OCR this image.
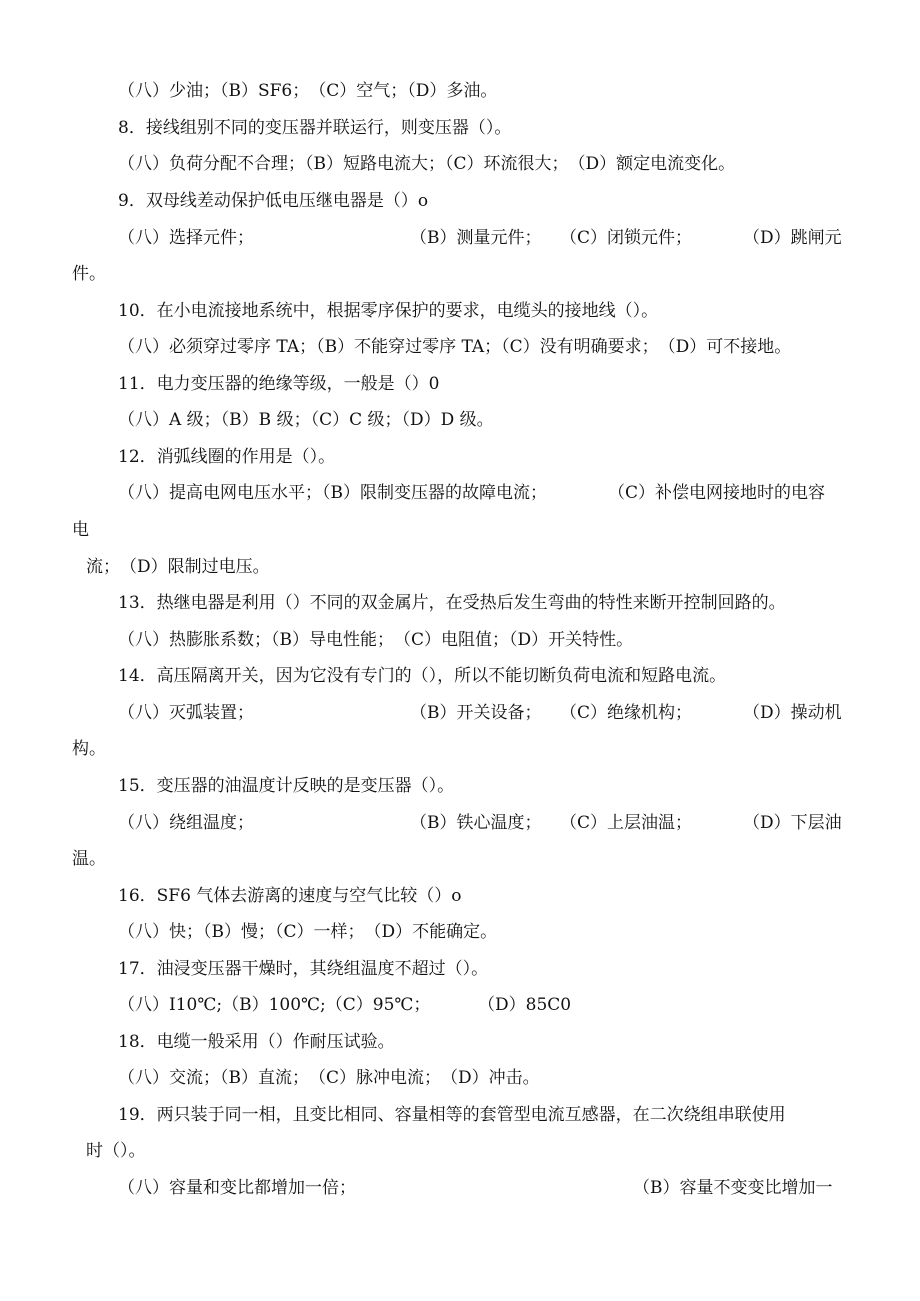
（八）少油；（B）SF6；　（C）空气；（D）多油。
8．接线组别不同的变压器并联运行，则变压器（）。
（八）负荷分配不合理；（B）短路电流大；（C）环流很大；　（D）额定电流变化。
9．双母线差动保护低电压继电器是（）o
（八）选择元件；	（B）测量元件； （C）闭锁元件；	（D）跳闸元
件。
10．在小电流接地系统中，根据零序保护的要求，电缆头的接地线（）。
（八）必须穿过零序 TA；（B）不能穿过零序 TA；（C）没有明确要求；　（D）可不接地。
11．电力变压器的绝缘等级，一般是（）0
（八）A 级；（B）B 级；（C）C 级；（D）D 级。
12．消弧线圈的作用是（）。
（八）提高电网电压水平；（B）限制变压器的故障电流；	（C）补偿电网接地时的电容
电
流；　（D）限制过电压。
13．热继电器是利用（）不同的双金属片，在受热后发生弯曲的特性来断开控制回路的。
（八）热膨胀系数；（B）导电性能；　（C）电阻值；（D）开关特性。
14．高压隔离开关，因为它没有专门的（），所以不能切断负荷电流和短路电流。
（八）灭弧装置；	（B）开关设备； （C）绝缘机构；	（D）操动机
构。
15．变压器的油温度计反映的是变压器（）。
（八）绕组温度；	（B）铁心温度； （C）上层油温；	（D）下层油
温。
16．SF6 气体去游离的速度与空气比较（）o
（八）快；（B）慢；（C）一样；　（D）不能确定。
17．油浸变压器干燥时，其绕组温度不超过（）。
（八）I10℃;（B）100℃;（C）95℃；	（D）85C0
18．电缆一般采用（）作耐压试验。
（八）交流；（B）直流；　（C）脉冲电流；　（D）冲击。
19．两只装于同一相，且变比相同、容量相等的套管型电流互感器，在二次绕组串联使用
时（）。
（八）容量和变比都增加一倍；	（B）容量不变变比增加一
